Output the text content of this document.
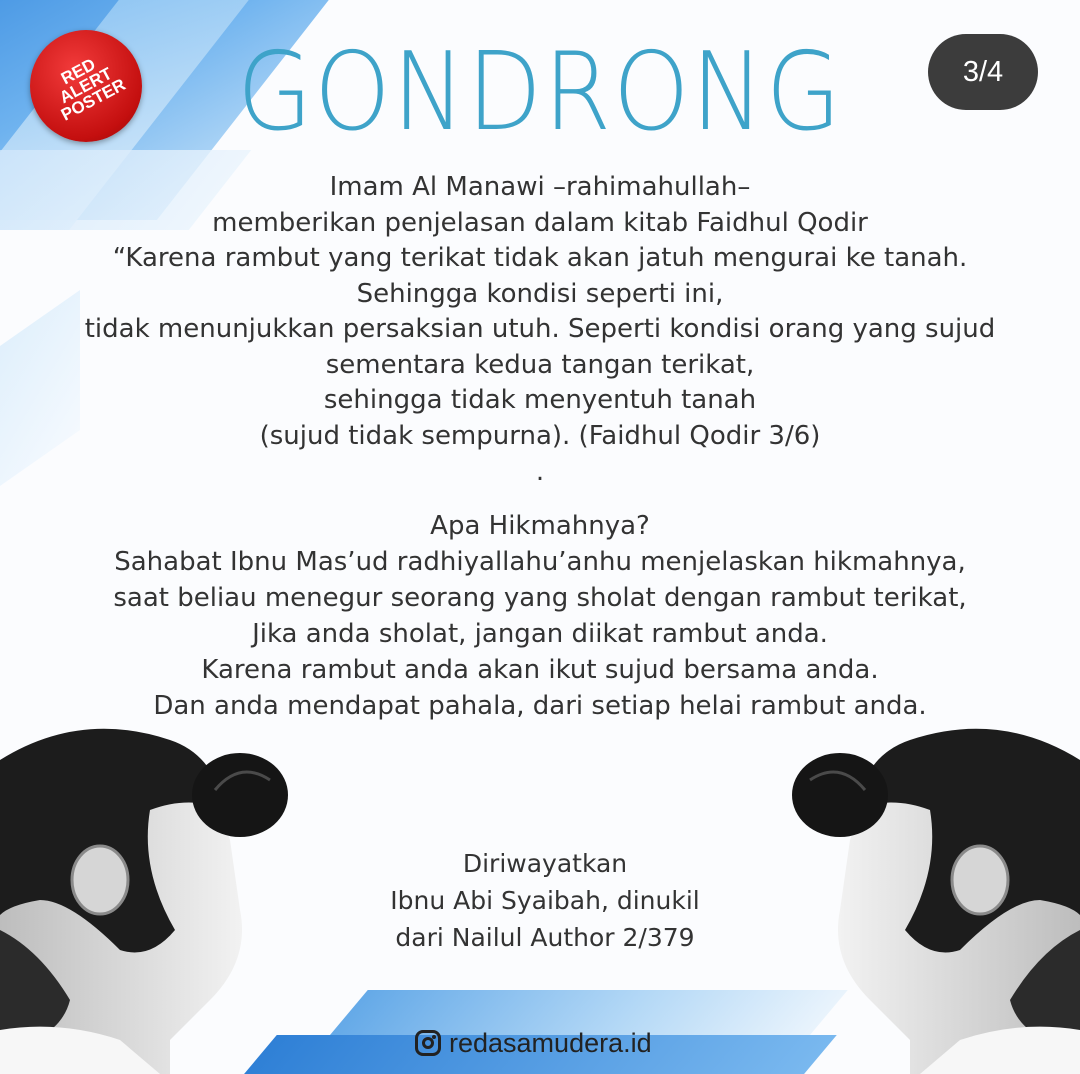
RED
ALERT
POSTER	GONDRONG	3/4
Imam Al Manawi –rahimahullah–
memberikan penjelasan dalam kitab Faidhul Qodir
“Karena rambut yang terikat tidak akan jatuh mengurai ke tanah.
Sehingga kondisi seperti ini,
tidak menunjukkan persaksian utuh. Seperti kondisi orang yang sujud
sementara kedua tangan terikat,
sehingga tidak menyentuh tanah
(sujud tidak sempurna). (Faidhul Qodir 3/6)
.
Apa Hikmahnya?
Sahabat Ibnu Mas’ud radhiyallahu’anhu menjelaskan hikmahnya,
saat beliau menegur seorang yang sholat dengan rambut terikat,
Jika anda sholat, jangan diikat rambut anda.
Karena rambut anda akan ikut sujud bersama anda.
Dan anda mendapat pahala, dari setiap helai rambut anda.
Diriwayatkan
Ibnu Abi Syaibah, dinukil
dari Nailul Author 2/379
redasamudera.id
